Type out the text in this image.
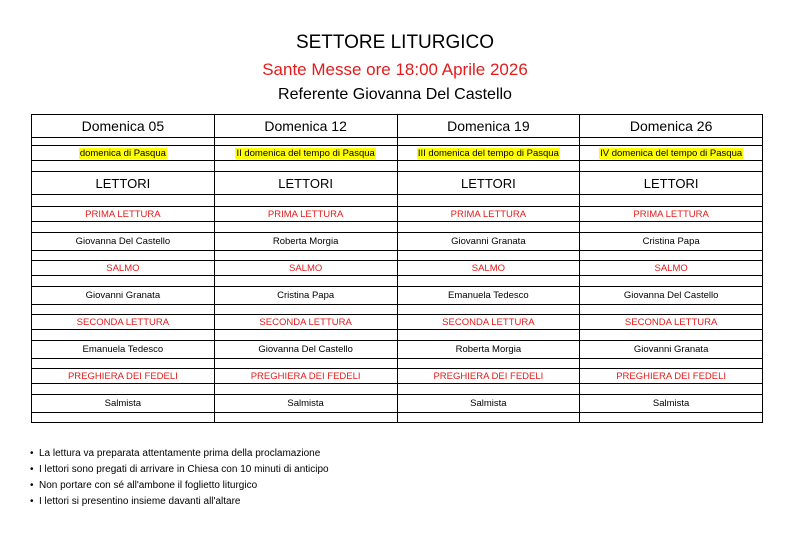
SETTORE LITURGICO
Sante Messe ore 18:00 Aprile 2026
Referente Giovanna Del Castello
Domenica 05	Domenica 12	Domenica 19	Domenica 26

domenica di Pasqua	II domenica del tempo di Pasqua	III domenica del tempo di Pasqua	IV domenica del tempo di Pasqua

LETTORI	LETTORI	LETTORI	LETTORI

PRIMA LETTURA	PRIMA LETTURA	PRIMA LETTURA	PRIMA LETTURA

Giovanna Del Castello	Roberta Morgia	Giovanni Granata	Cristina Papa

SALMO	SALMO	SALMO	SALMO

Giovanni Granata	Cristina Papa	Emanuela Tedesco	Giovanna Del Castello

SECONDA LETTURA	SECONDA LETTURA	SECONDA LETTURA	SECONDA LETTURA

Emanuela Tedesco	Giovanna Del Castello	Roberta Morgia	Giovanni Granata

PREGHIERA DEI FEDELI	PREGHIERA DEI FEDELI	PREGHIERA DEI FEDELI	PREGHIERA DEI FEDELI

Salmista	Salmista	Salmista	Salmista

• La lettura va preparata attentamente prima della proclamazione
• I lettori sono pregati di arrivare in Chiesa con 10 minuti di anticipo
• Non portare con sé all'ambone il foglietto liturgico
• I lettori si presentino insieme davanti all'altare
